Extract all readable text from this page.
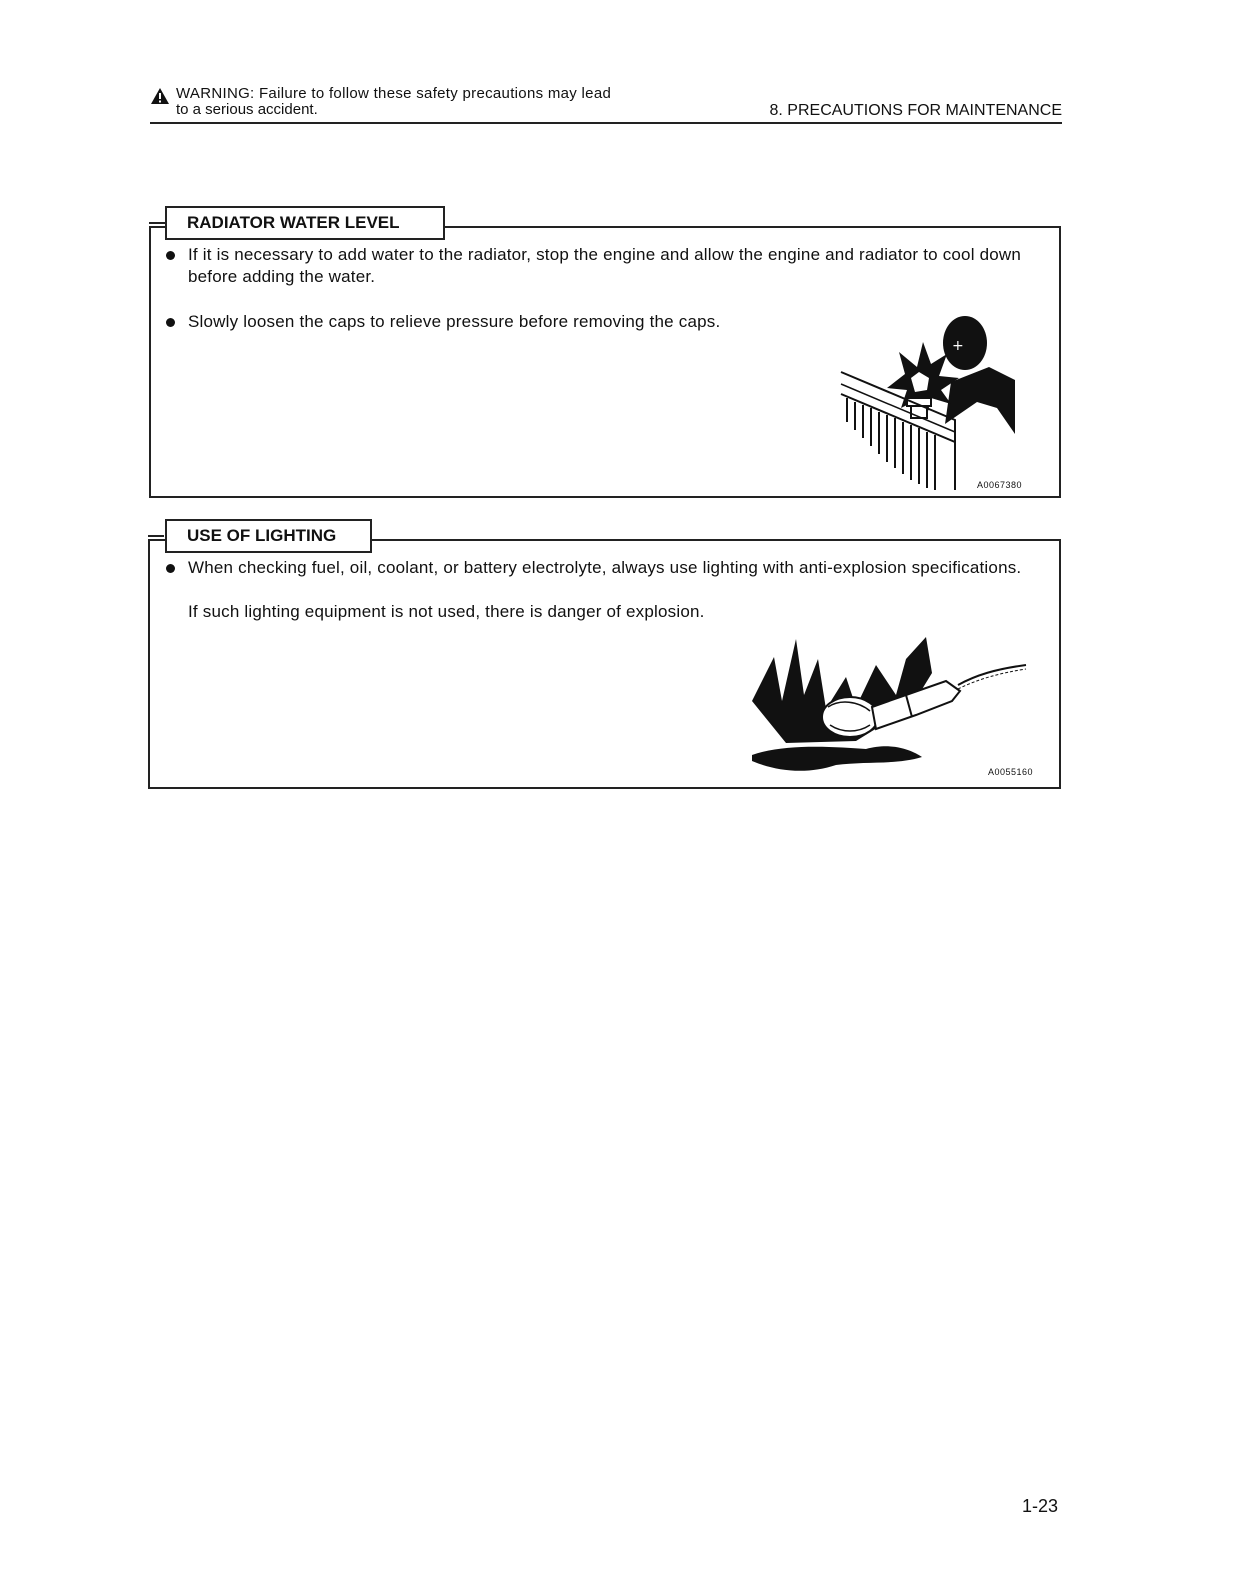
WARNING: Failure to follow these safety precautions may lead
to a serious accident.	8. PRECAUTIONS FOR MAINTENANCE
If it is necessary to add water to the radiator, stop the engine and allow the engine and radiator to cool down before adding the water.
Slowly loosen the caps to relieve pressure before removing the caps.
+
A0067380
RADIATOR WATER LEVEL
When checking fuel, oil, coolant, or battery electrolyte, always use lighting with anti-explosion specifications.
If such lighting equipment is not used, there is danger of explosion.
A0055160
USE OF LIGHTING
1-23
